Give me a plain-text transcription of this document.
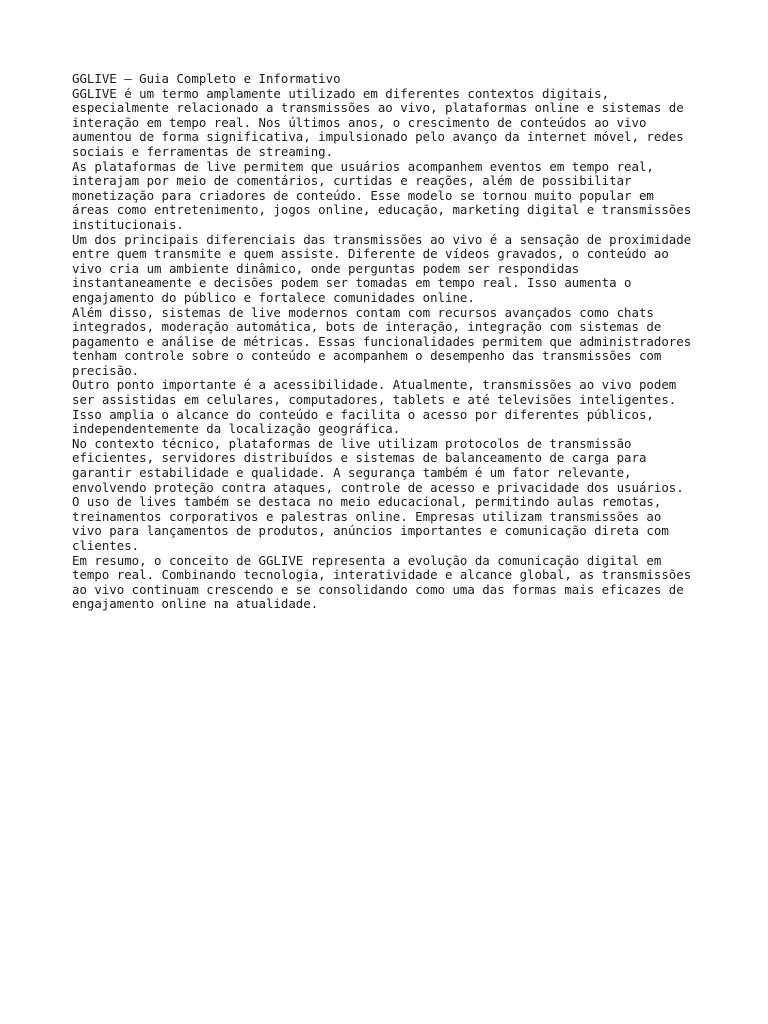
GGLIVE – Guia Completo e Informativo

GGLIVE é um termo amplamente utilizado em diferentes contextos digitais,
especialmente relacionado a transmissões ao vivo, plataformas online e sistemas de
interação em tempo real. Nos últimos anos, o crescimento de conteúdos ao vivo
aumentou de forma significativa, impulsionado pelo avanço da internet móvel, redes
sociais e ferramentas de streaming.

As plataformas de live permitem que usuários acompanhem eventos em tempo real,
interajam por meio de comentários, curtidas e reações, além de possibilitar
monetização para criadores de conteúdo. Esse modelo se tornou muito popular em
áreas como entretenimento, jogos online, educação, marketing digital e transmissões
institucionais.

Um dos principais diferenciais das transmissões ao vivo é a sensação de proximidade
entre quem transmite e quem assiste. Diferente de vídeos gravados, o conteúdo ao
vivo cria um ambiente dinâmico, onde perguntas podem ser respondidas
instantaneamente e decisões podem ser tomadas em tempo real. Isso aumenta o
engajamento do público e fortalece comunidades online.

Além disso, sistemas de live modernos contam com recursos avançados como chats
integrados, moderação automática, bots de interação, integração com sistemas de
pagamento e análise de métricas. Essas funcionalidades permitem que administradores
tenham controle sobre o conteúdo e acompanhem o desempenho das transmissões com
precisão.

Outro ponto importante é a acessibilidade. Atualmente, transmissões ao vivo podem
ser assistidas em celulares, computadores, tablets e até televisões inteligentes.
Isso amplia o alcance do conteúdo e facilita o acesso por diferentes públicos,
independentemente da localização geográfica.

No contexto técnico, plataformas de live utilizam protocolos de transmissão
eficientes, servidores distribuídos e sistemas de balanceamento de carga para
garantir estabilidade e qualidade. A segurança também é um fator relevante,
envolvendo proteção contra ataques, controle de acesso e privacidade dos usuários.

O uso de lives também se destaca no meio educacional, permitindo aulas remotas,
treinamentos corporativos e palestras online. Empresas utilizam transmissões ao
vivo para lançamentos de produtos, anúncios importantes e comunicação direta com
clientes.

Em resumo, o conceito de GGLIVE representa a evolução da comunicação digital em
tempo real. Combinando tecnologia, interatividade e alcance global, as transmissões
ao vivo continuam crescendo e se consolidando como uma das formas mais eficazes de
engajamento online na atualidade.
